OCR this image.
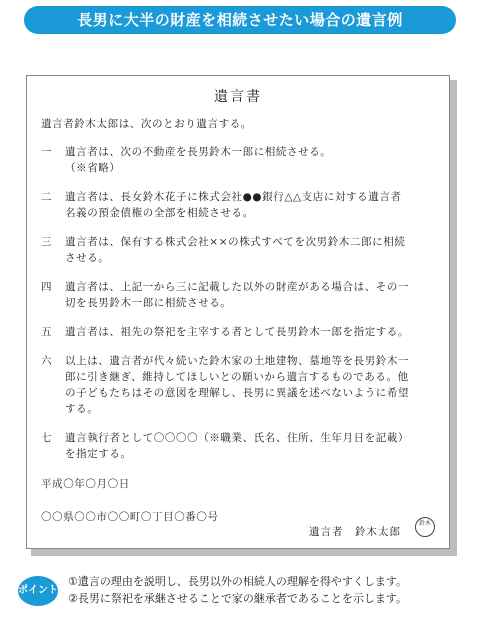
長男に大半の財産を相続させたい場合の遺言例
遺言書
遺言者鈴木太郎は、次のとおり遺言する。
一	遺言者は、次の不動産を長男鈴木一郎に相続させる。
（※省略）
二	遺言者は、長女鈴木花子に株式会社●●銀行△△支店に対する遺言者
名義の預金債権の全部を相続させる。
三	遺言者は、保有する株式会社××の株式すべてを次男鈴木二郎に相続
させる。
四	遺言者は、上記一から三に記載した以外の財産がある場合は、その一
切を長男鈴木一郎に相続させる。
五	遺言者は、祖先の祭祀を主宰する者として長男鈴木一郎を指定する。
六	以上は、遺言者が代々続いた鈴木家の土地建物、墓地等を長男鈴木一
郎に引き継ぎ、維持してほしいとの願いから遺言するものである。他
の子どもたちはその意図を理解し、長男に異議を述べないように希望
する。
七	遺言執行者として〇〇〇〇（※職業、氏名、住所、生年月日を記載）
を指定する。
平成〇年〇月〇日
〇〇県〇〇市〇〇町〇丁目〇番〇号
遺言者　鈴木太郎
鈴木
ポイント
①遺言の理由を説明し、長男以外の相続人の理解を得やすくします。
②長男に祭祀を承継させることで家の継承者であることを示します。
